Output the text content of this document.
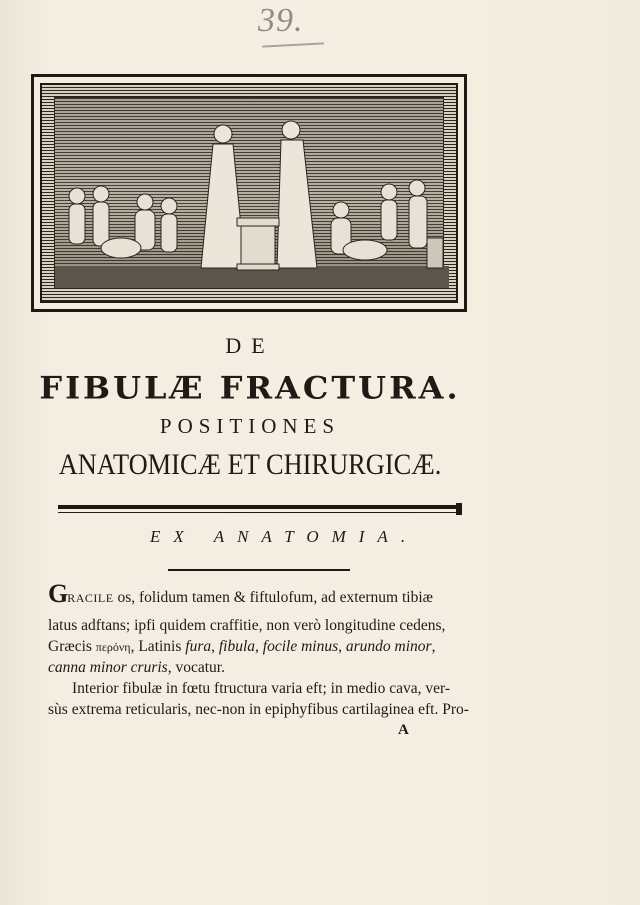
39.
DE
FIBULÆ FRACTURA.
POSITIONES
ANATOMICÆ ET CHIRURGICÆ.
EX ANATOMIA.
GRACILE os, folidum tamen & fiftulofum, ad externum tibiæ
latus adftans; ipfi quidem craffitie, non verò longitudine cedens,
Græcis περόνη, Latinis fura, fibula, focile minus, arundo minor,
canna minor cruris, vocatur.
Interior fibulæ in fœtu ftructura varia eft; in medio cava, ver-
sùs extrema reticularis, nec-non in epiphyfibus cartilaginea eft. Pro-
A
